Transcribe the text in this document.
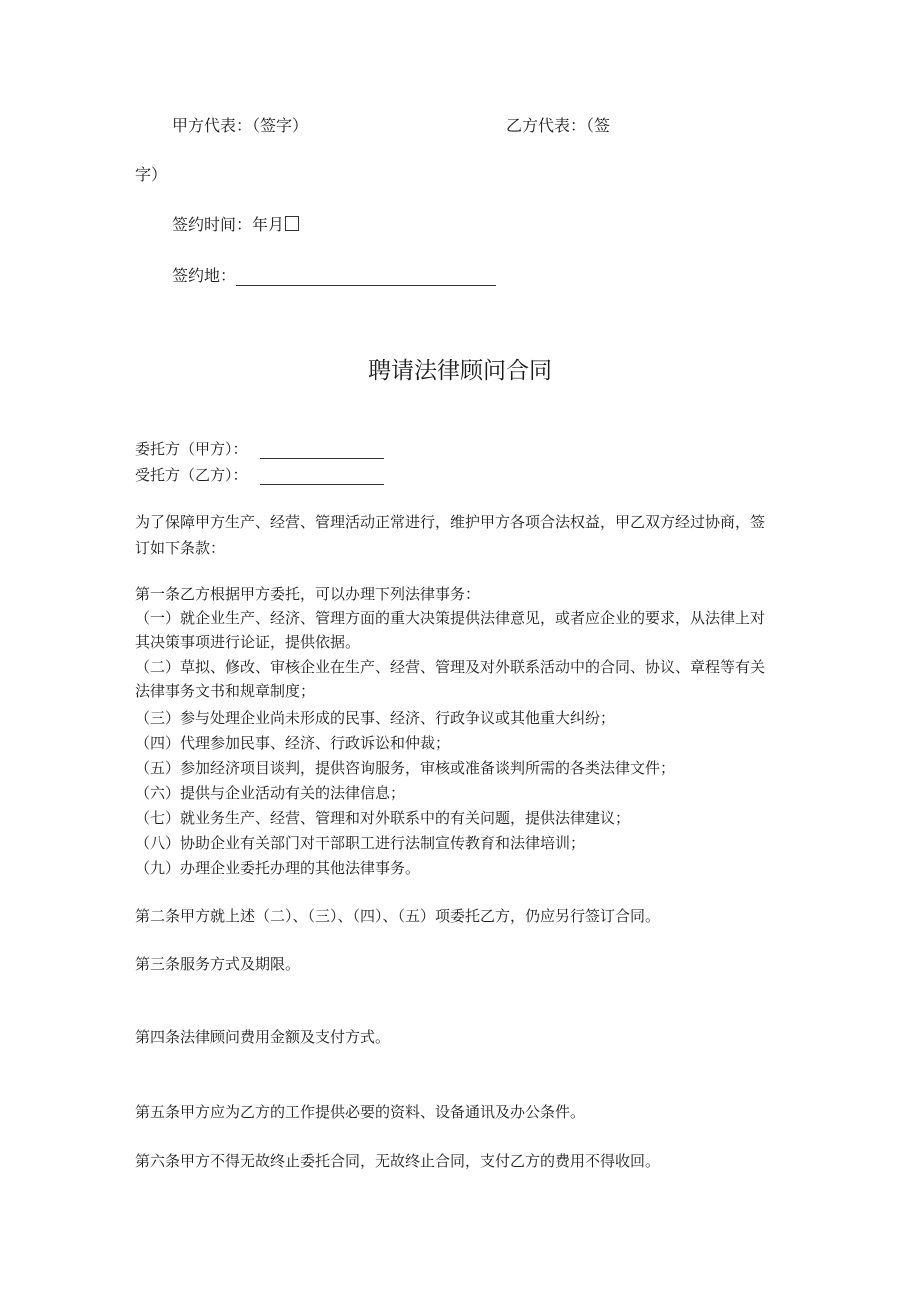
甲方代表：（签字）	乙方代表：（签
字）
签约时间：年月
签约地：
聘请法律顾问合同
委托方（甲方）：
受托方（乙方）：
为了保障甲方生产、经营、管理活动正常进行，维护甲方各项合法权益，甲乙双方经过协商，签
订如下条款：
第一条乙方根据甲方委托，可以办理下列法律事务：
（一）就企业生产、经济、管理方面的重大决策提供法律意见，或者应企业的要求，从法律上对
其决策事项进行论证，提供依据。
（二）草拟、修改、审核企业在生产、经营、管理及对外联系活动中的合同、协议、章程等有关
法律事务文书和规章制度；
（三）参与处理企业尚未形成的民事、经济、行政争议或其他重大纠纷；
（四）代理参加民事、经济、行政诉讼和仲裁；
（五）参加经济项目谈判，提供咨询服务，审核或准备谈判所需的各类法律文件；
（六）提供与企业活动有关的法律信息；
（七）就业务生产、经营、管理和对外联系中的有关问题，提供法律建议；
（八）协助企业有关部门对干部职工进行法制宣传教育和法律培训；
（九）办理企业委托办理的其他法律事务。
第二条甲方就上述（二）、（三）、（四）、（五）项委托乙方，仍应另行签订合同。
第三条服务方式及期限。
第四条法律顾问费用金额及支付方式。
第五条甲方应为乙方的工作提供必要的资料、设备通讯及办公条件。
第六条甲方不得无故终止委托合同，无故终止合同，支付乙方的费用不得收回。
